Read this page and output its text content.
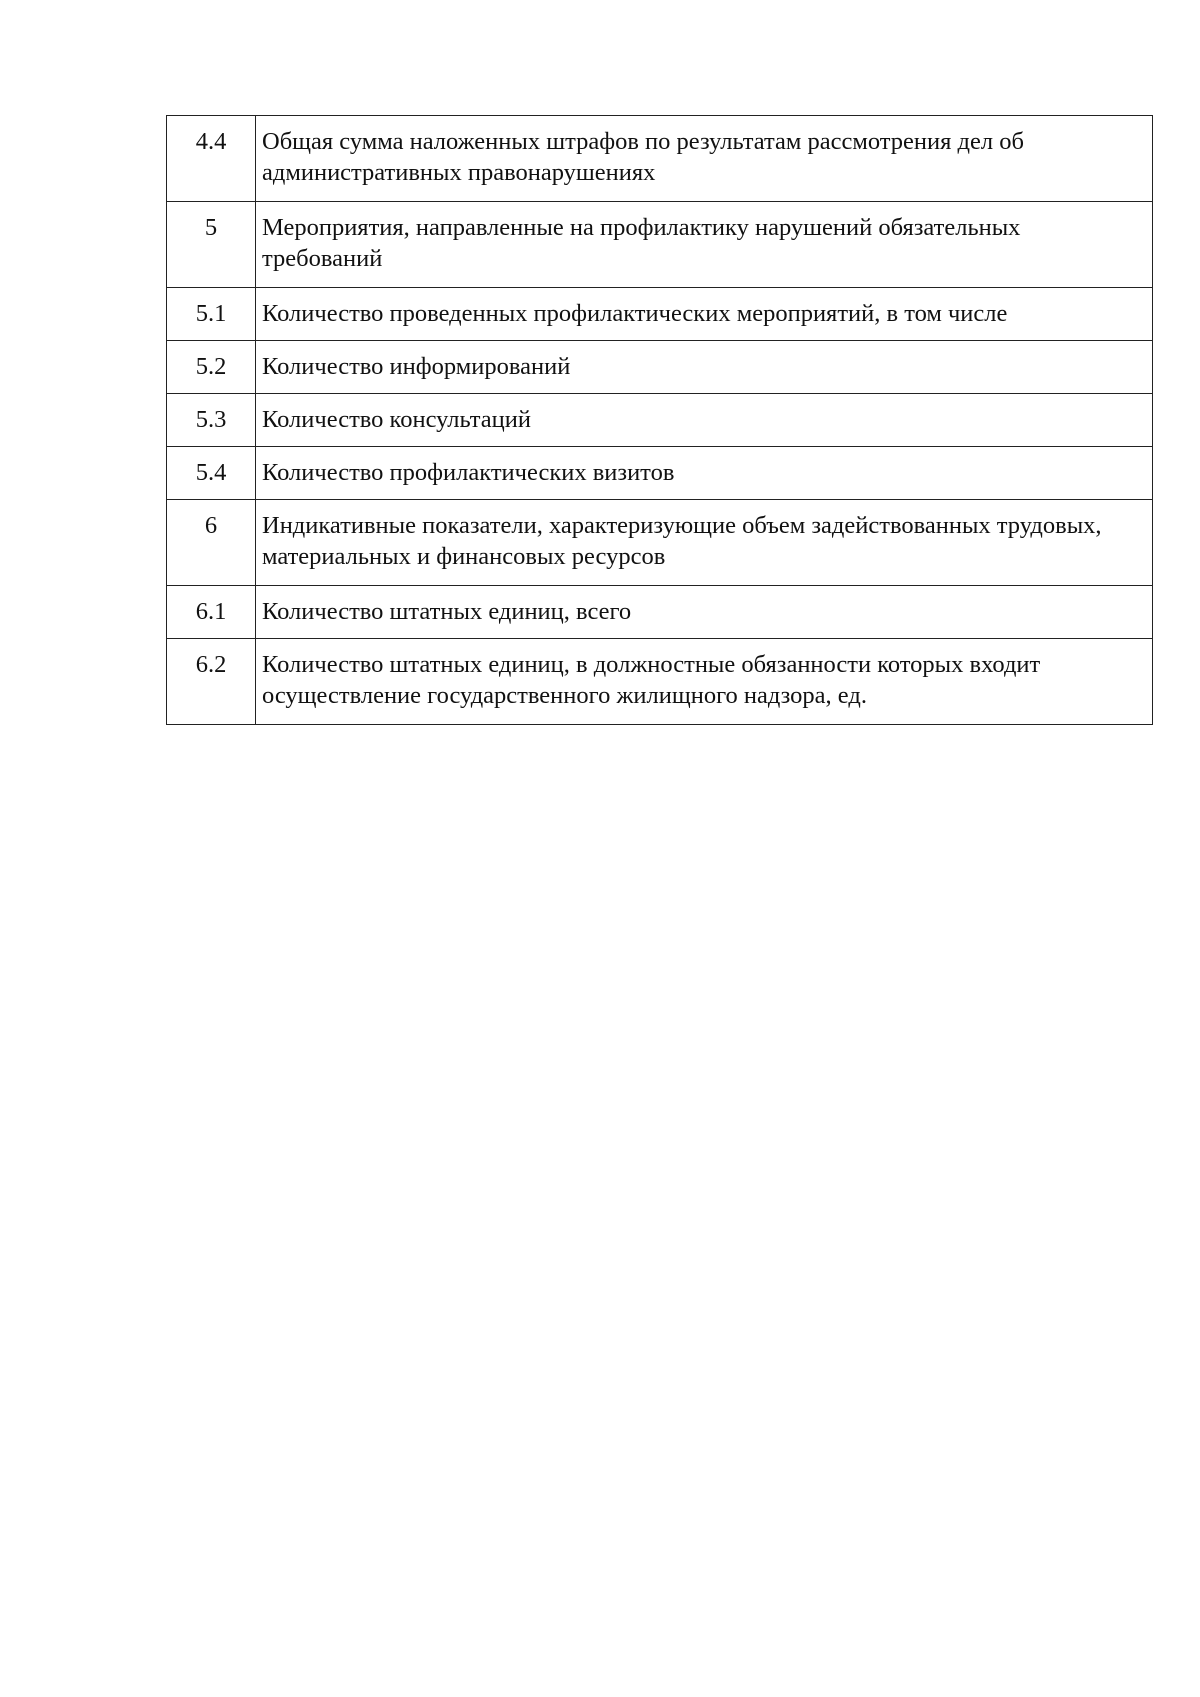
4.4	Общая сумма наложенных штрафов по результатам рассмотрения дел об административных правонарушениях
5	Мероприятия, направленные на профилактику нарушений обязательных требований
5.1	Количество проведенных профилактических мероприятий, в том числе
5.2	Количество информирований
5.3	Количество консультаций
5.4	Количество профилактических визитов
6	Индикативные показатели, характеризующие объем задействованных трудовых, материальных и финансовых ресурсов
6.1	Количество штатных единиц, всего
6.2	Количество штатных единиц, в должностные обязанности которых входит осуществление государственного жилищного надзора, ед.
